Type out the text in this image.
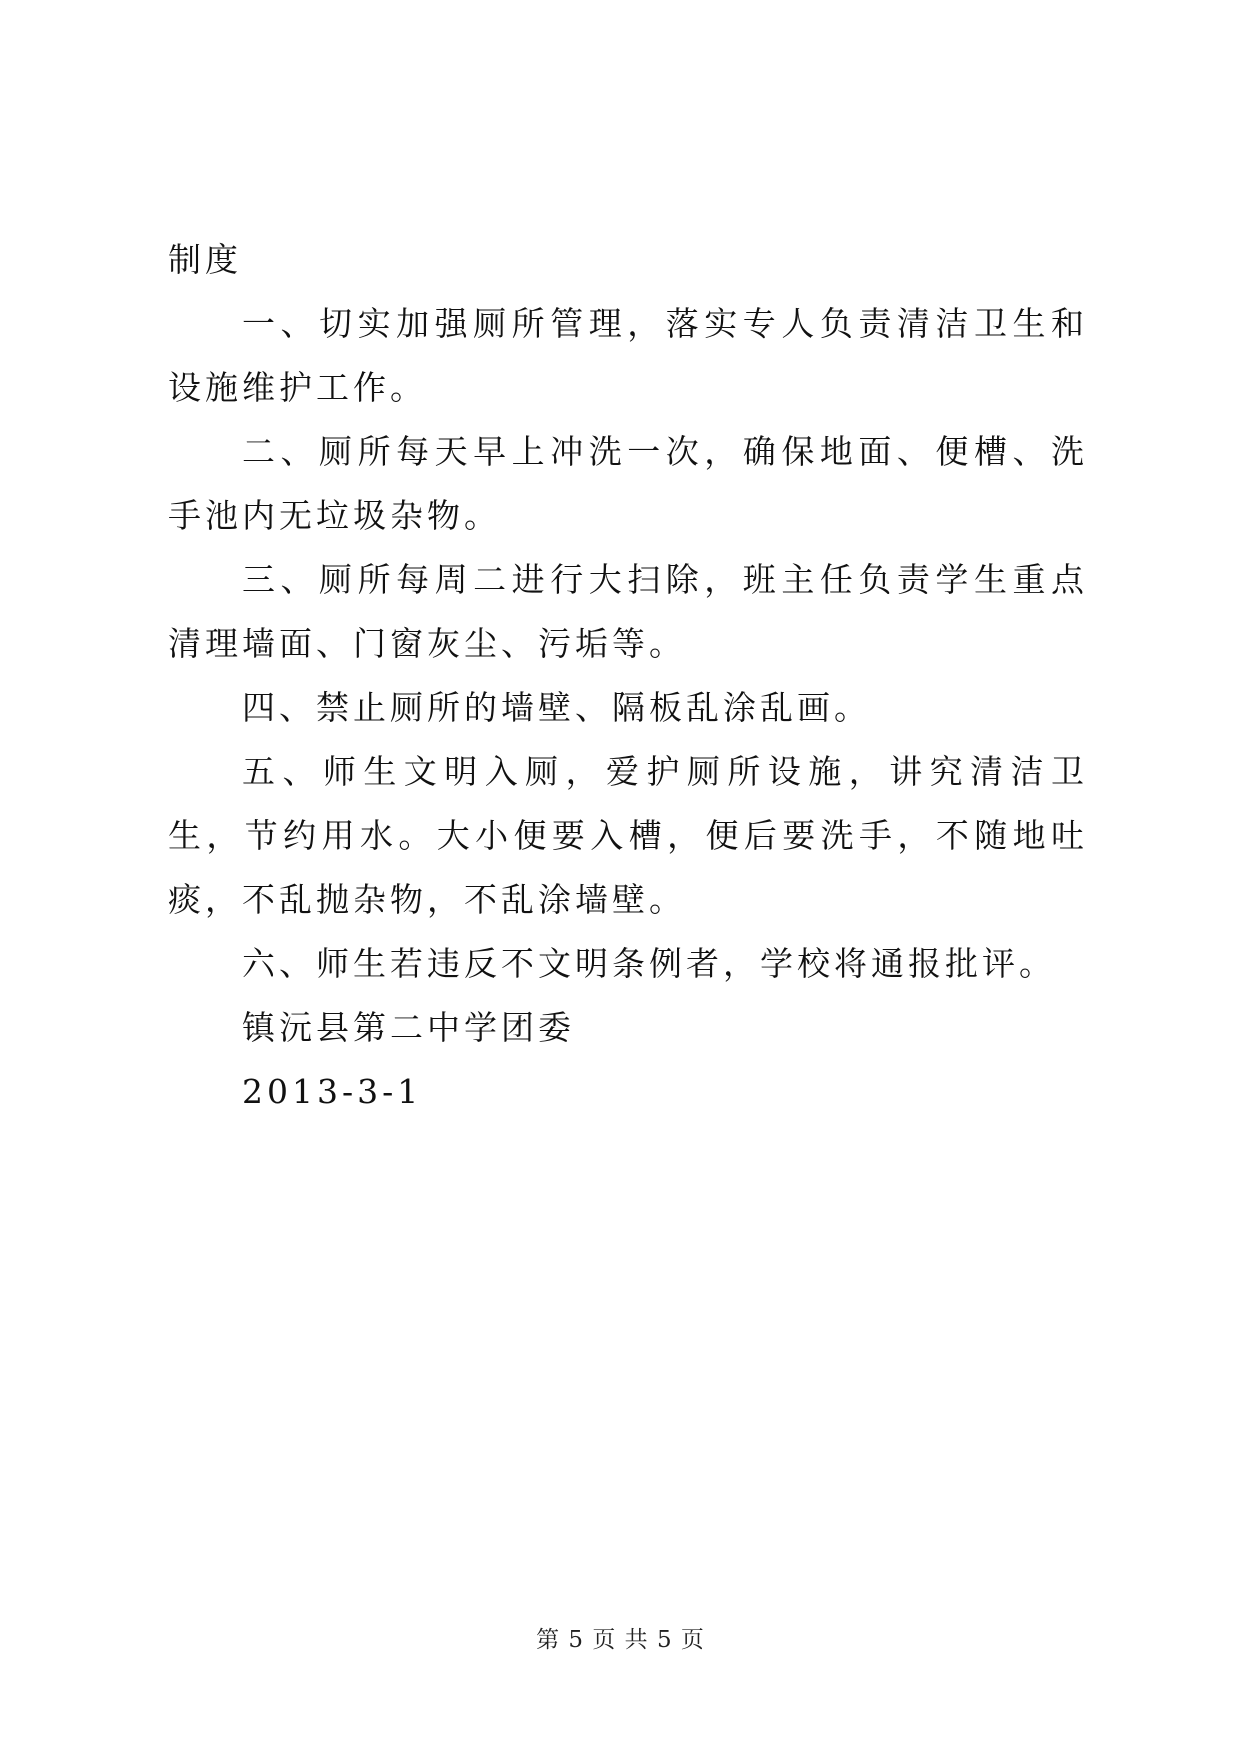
制度

一、切实加强厕所管理，落实专人负责清洁卫生和设施维护工作。

二、厕所每天早上冲洗一次，确保地面、便槽、洗手池内无垃圾杂物。

三、厕所每周二进行大扫除，班主任负责学生重点清理墙面、门窗灰尘、污垢等。

四、禁止厕所的墙壁、隔板乱涂乱画。

五、师生文明入厕，爱护厕所设施，讲究清洁卫生，节约用水。大小便要入槽，便后要洗手，不随地吐痰，不乱抛杂物，不乱涂墙壁。

六、师生若违反不文明条例者，学校将通报批评。

镇沅县第二中学团委

2013-3-1

第 5 页 共 5 页
